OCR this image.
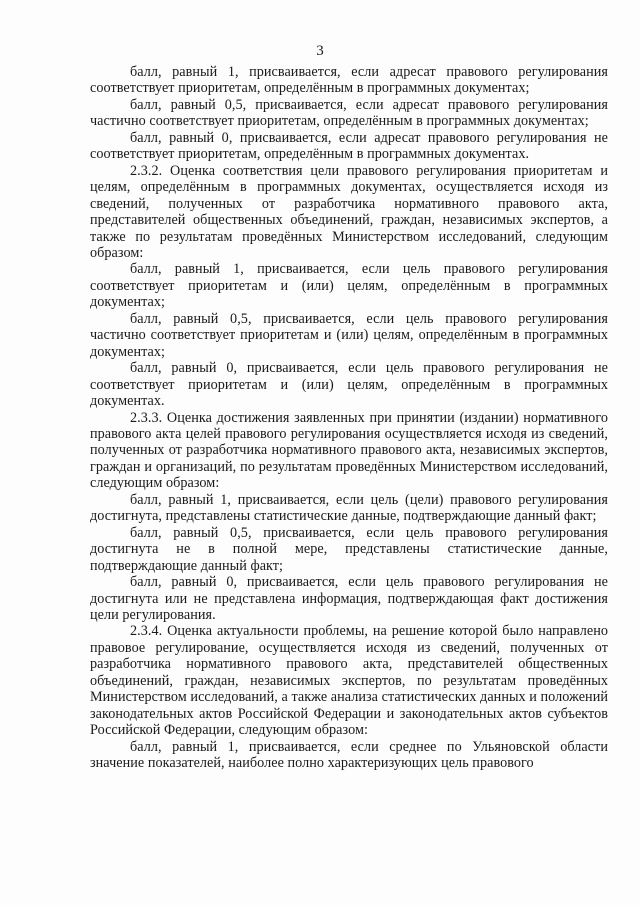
3

балл, равный 1, присваивается, если адресат правового регулирования соответствует приоритетам, определённым в программных документах;

балл, равный 0,5, присваивается, если адресат правового регулирования частично соответствует приоритетам, определённым в программных документах;

балл, равный 0, присваивается, если адресат правового регулирования не соответствует приоритетам, определённым в программных документах.

2.3.2. Оценка соответствия цели правового регулирования приоритетам и целям, определённым в программных документах, осуществляется исходя из сведений, полученных от разработчика нормативного правового акта, представителей общественных объединений, граждан, независимых экспертов, а также по результатам проведённых Министерством исследований, следующим образом:

балл, равный 1, присваивается, если цель правового регулирования соответствует приоритетам и (или) целям, определённым в программных документах;

балл, равный 0,5, присваивается, если цель правового регулирования частично соответствует приоритетам и (или) целям, определённым в программных документах;

балл, равный 0, присваивается, если цель правового регулирования не соответствует приоритетам и (или) целям, определённым в программных документах.

2.3.3. Оценка достижения заявленных при принятии (издании) нормативного правового акта целей правового регулирования осуществляется исходя из сведений, полученных от разработчика нормативного правового акта, независимых экспертов, граждан и организаций, по результатам проведённых Министерством исследований, следующим образом:

балл, равный 1, присваивается, если цель (цели) правового регулирования достигнута, представлены статистические данные, подтверждающие данный факт;

балл, равный 0,5, присваивается, если цель правового регулирования достигнута не в полной мере, представлены статистические данные, подтверждающие данный факт;

балл, равный 0, присваивается, если цель правового регулирования не достигнута или не представлена информация, подтверждающая факт достижения цели регулирования.

2.3.4. Оценка актуальности проблемы, на решение которой было направлено правовое регулирование, осуществляется исходя из сведений, полученных от разработчика нормативного правового акта, представителей общественных объединений, граждан, независимых экспертов, по результатам проведённых Министерством исследований, а также анализа статистических данных и положений законодательных актов Российской Федерации и законодательных актов субъектов Российской Федерации, следующим образом:

балл, равный 1, присваивается, если среднее по Ульяновской области значение показателей, наиболее полно характеризующих цель правового
